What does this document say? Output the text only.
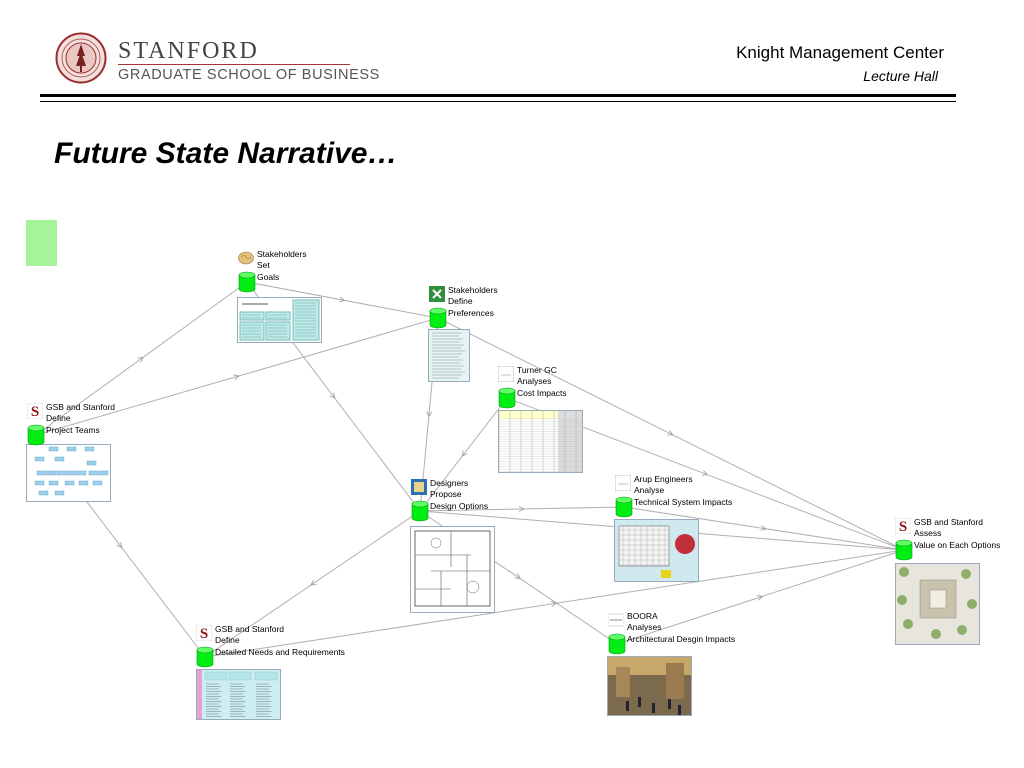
STANFORD
GRADUATE SCHOOL OF BUSINESS
Knight Management Center
Lecture Hall
Future State Narrative…
Stakeholders
Set
Goals
Stakeholders
Define
Preferences
Turner GC
Analyses
Cost Impacts
S GSB and Stanford
Define
Project Teams
Designers
Propose
Design Options
Arup Engineers
Analyse
Technical System Impacts
S GSB and Stanford
Assess
Value on Each Options
BOORA
Analyses
Architectural Desgin Impacts
S GSB and Stanford
Define
Detailed Needs and Requirements
